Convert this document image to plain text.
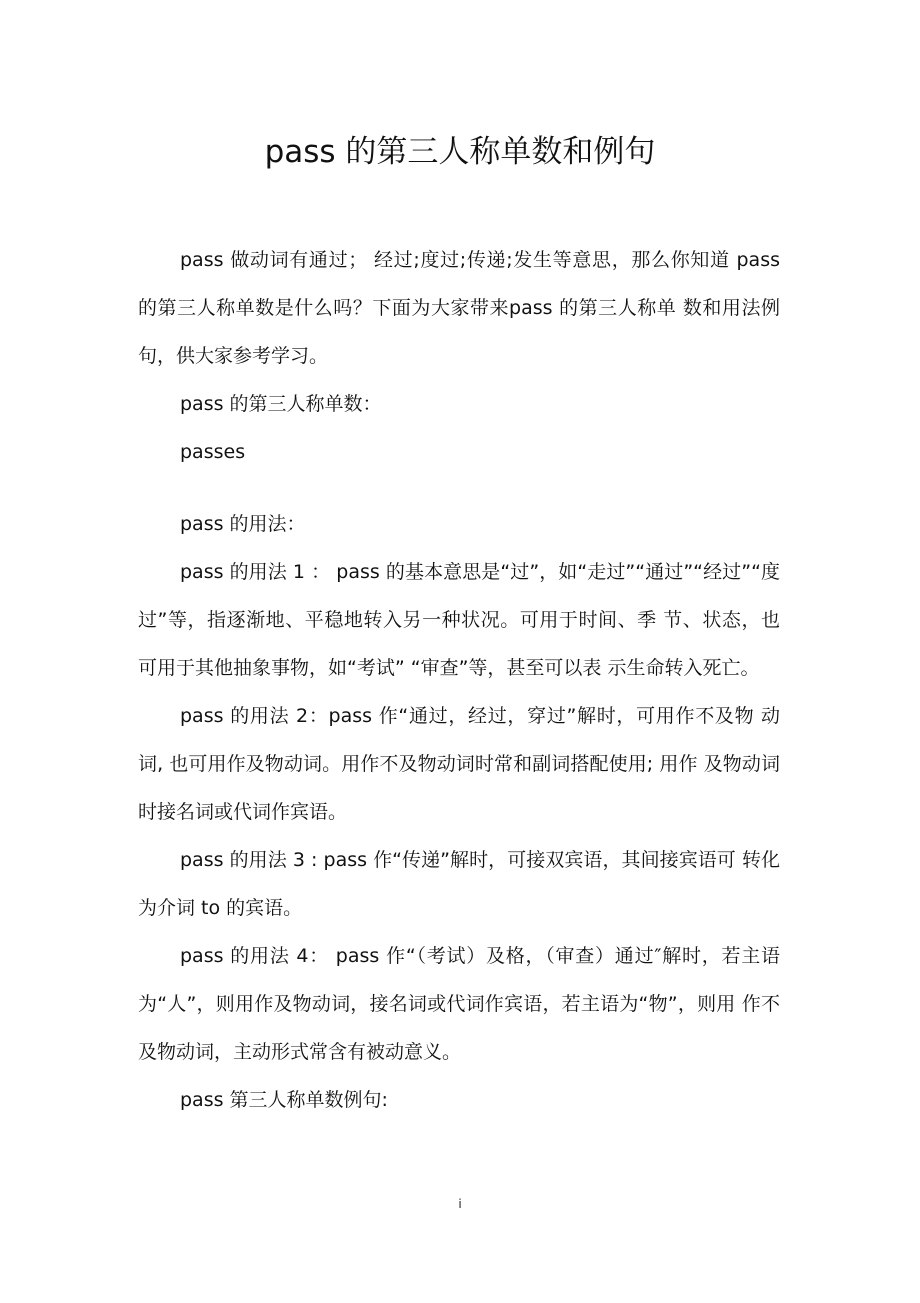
pass 的第三人称单数和例句

pass 做动词有通过； 经过;度过;传递;发生等意思，那么你知道 pass 的第三人称单数是什么吗？下面为大家带来pass 的第三人称单 数和用法例句，供大家参考学习。

pass 的第三人称单数：

passes

pass 的用法：

pass 的用法 1 ： pass 的基本意思是“过”，如“走过”“通过”“经过”“度过”等，指逐渐地、平稳地转入另一种状况。可用于时间、季 节、状态，也可用于其他抽象事物，如“考试” “审查”等，甚至可以表 示生命转入死亡。

pass 的用法 2：pass 作“通过，经过，穿过”解时，可用作不及物 动词, 也可用作及物动词。用作不及物动词时常和副词搭配使用; 用作 及物动词时接名词或代词作宾语。

pass 的用法 3 : pass 作“传递”解时，可接双宾语，其间接宾语可 转化为介词 to 的宾语。

pass 的用法 4： pass 作“（考试）及格，（审查）通过″解时，若主语 为“人”，则用作及物动词，接名词或代词作宾语，若主语为“物”，则用 作不及物动词，主动形式常含有被动意义。

pass 第三人称单数例句:

i
